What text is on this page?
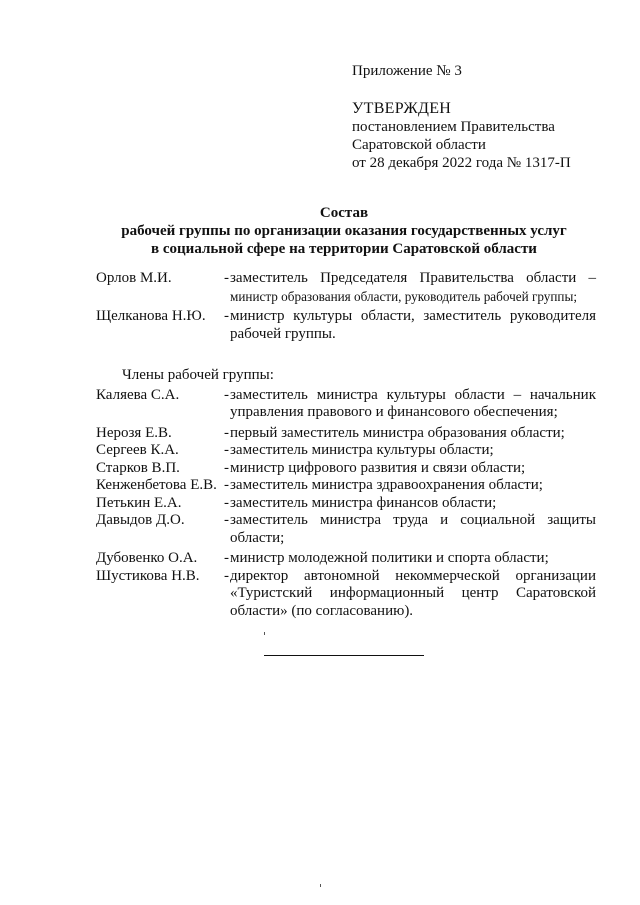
Приложение № 3
УТВЕРЖДЕН
постановлением Правительства
Саратовской области
от 28 декабря 2022 года № 1317-П
Состав
рабочей группы по организации оказания государственных услуг
в социальной сфере на территории Саратовской области
Орлов М.И.	- заместитель Председателя Правительства области –
министр образования области, руководитель рабочей группы;
Щелканова Н.Ю.	- министр культуры области, заместитель руководителя рабочей группы.
Члены рабочей группы:
Каляева С.А.	- заместитель министра культуры области – начальник управления правового и финансового обеспечения;
Нерозя Е.В.	- первый заместитель министра образования области;
Сергеев К.А.	- заместитель министра культуры области;
Старков В.П.	- министр цифрового развития и связи области;
Кенженбетова Е.В. - заместитель министра здравоохранения области;
Петькин Е.А.	- заместитель министра финансов области;
Давыдов Д.О.	- заместитель министра труда и социальной защиты области;
Дубовенко О.А.	- министр молодежной политики и спорта области;
Шустикова Н.В.	- директор автономной некоммерческой организации «Туристский информационный центр Саратовской области» (по согласованию).
